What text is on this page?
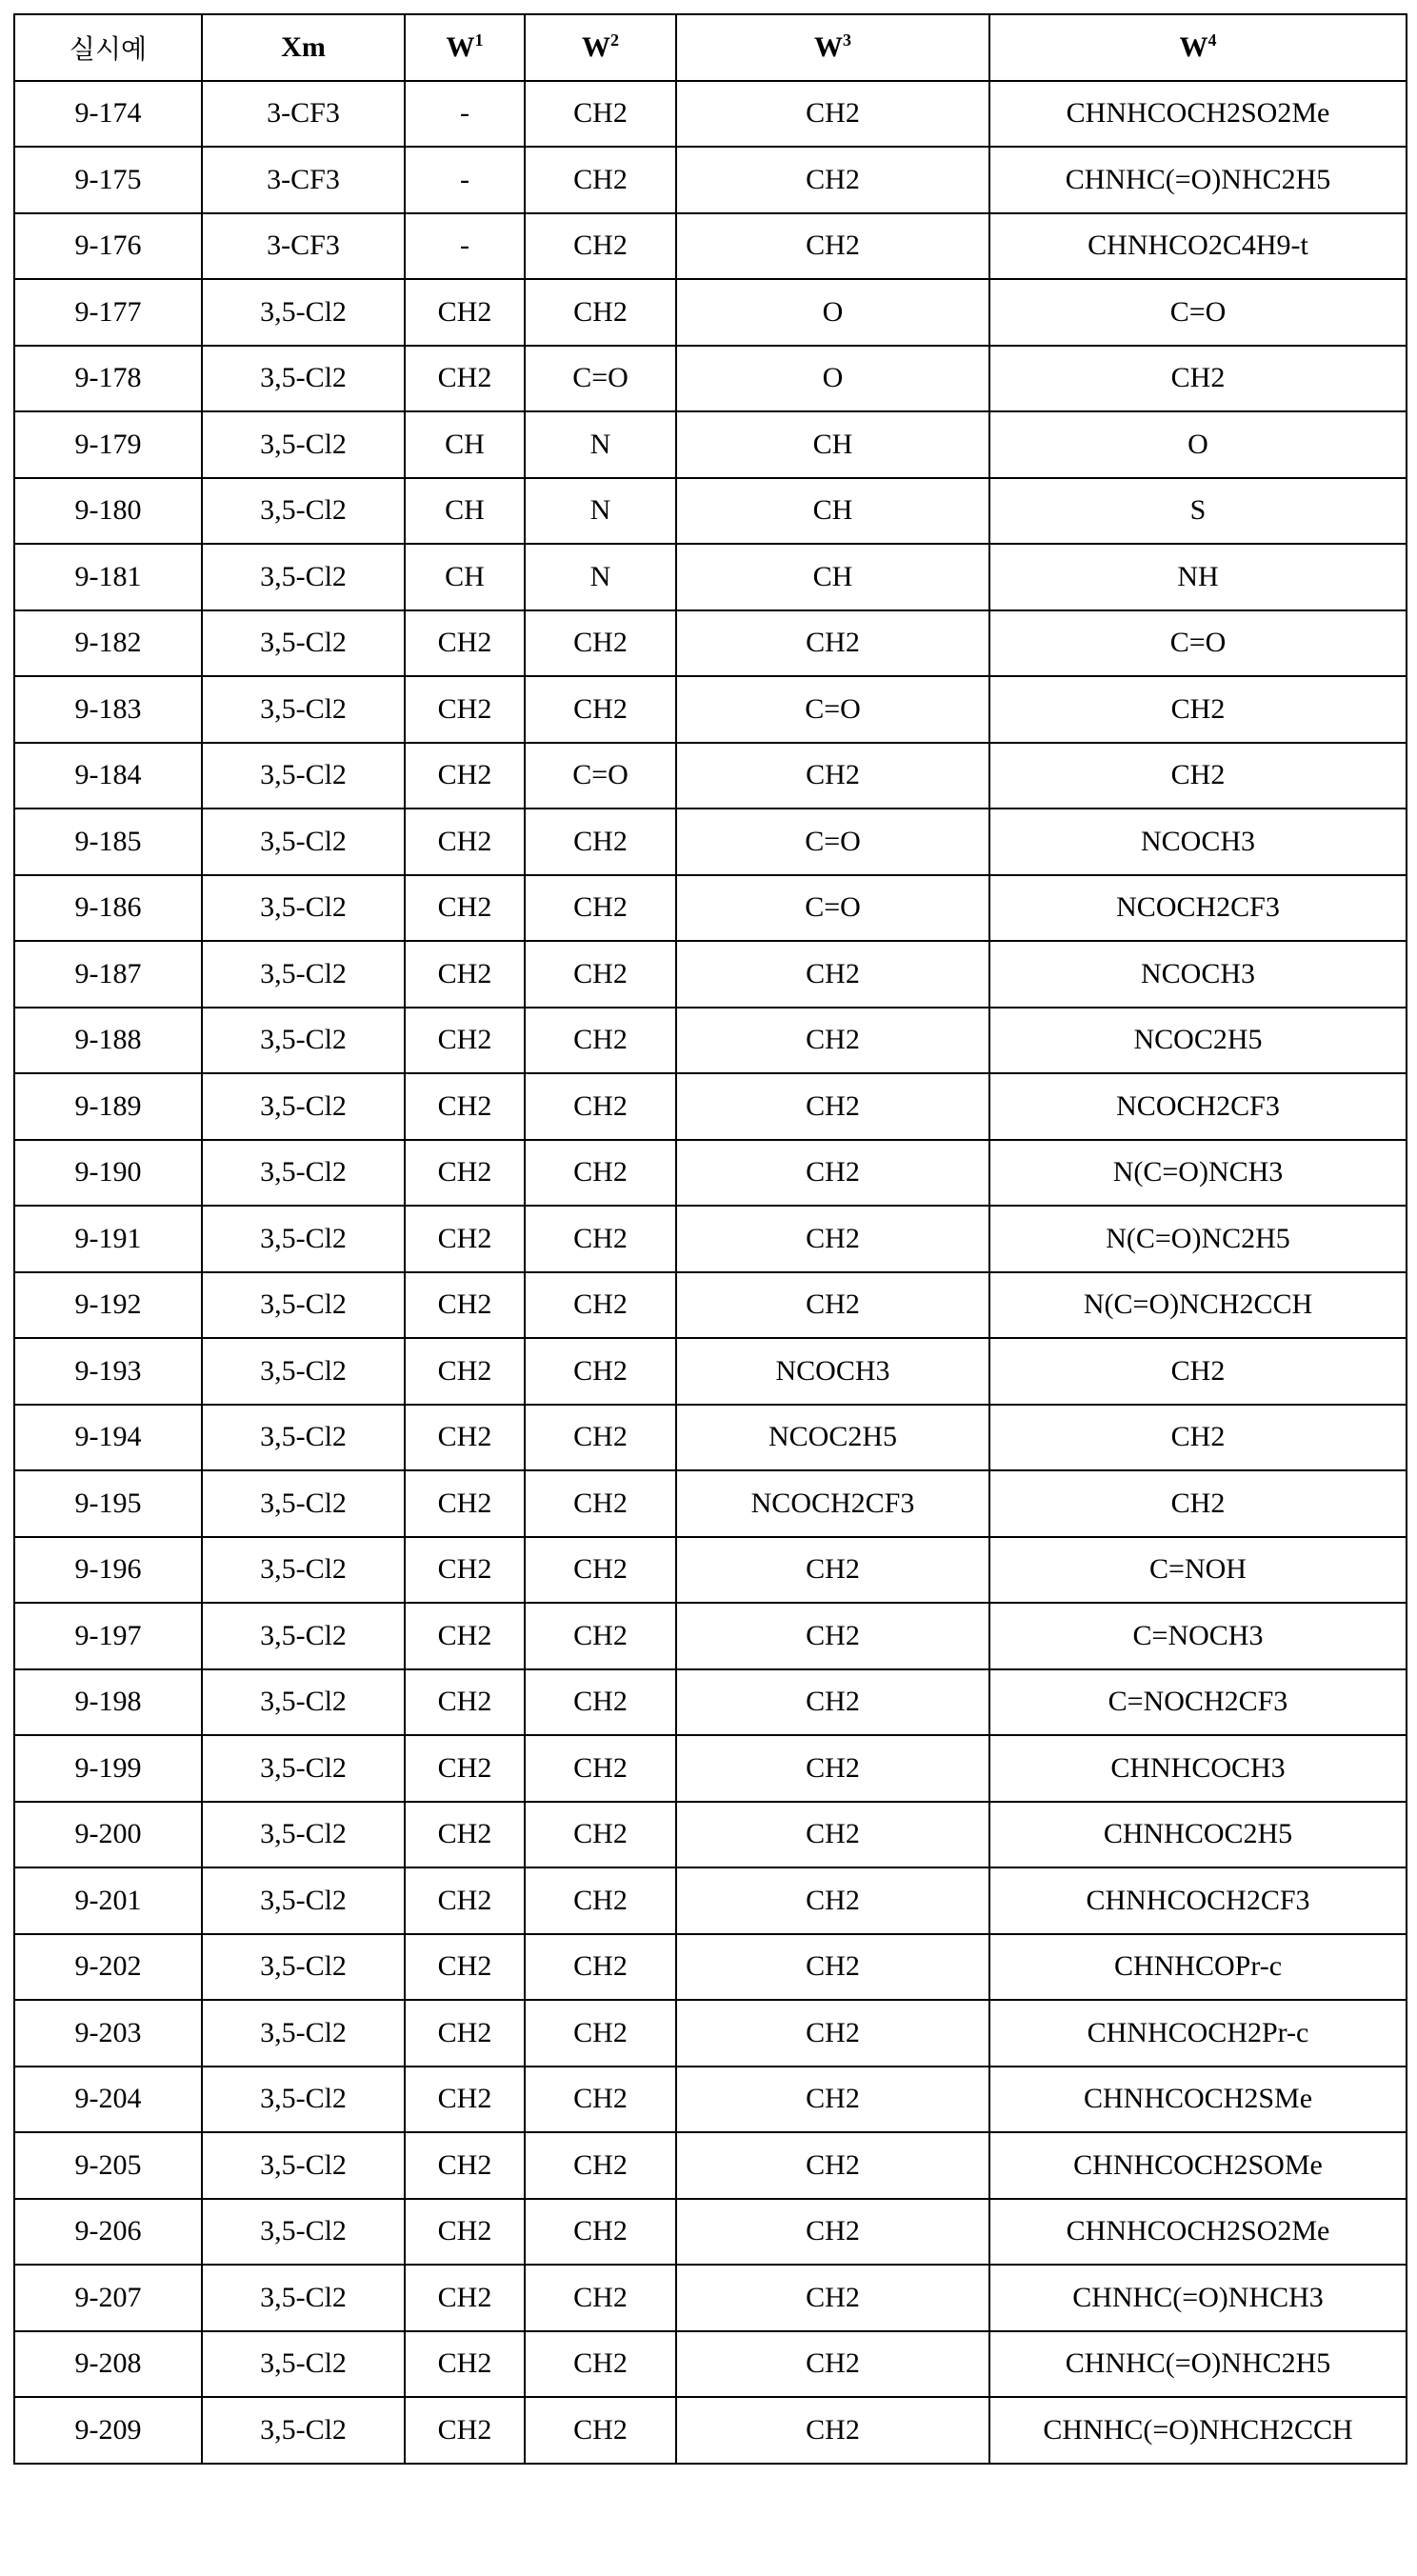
실시예	Xm	W1	W2	W3	W4
9-174	3-CF3	-	CH2	CH2	CHNHCOCH2SO2Me
9-175	3-CF3	-	CH2	CH2	CHNHC(=O)NHC2H5
9-176	3-CF3	-	CH2	CH2	CHNHCO2C4H9-t
9-177	3,5-Cl2	CH2	CH2	O	C=O
9-178	3,5-Cl2	CH2	C=O	O	CH2
9-179	3,5-Cl2	CH	N	CH	O
9-180	3,5-Cl2	CH	N	CH	S
9-181	3,5-Cl2	CH	N	CH	NH
9-182	3,5-Cl2	CH2	CH2	CH2	C=O
9-183	3,5-Cl2	CH2	CH2	C=O	CH2
9-184	3,5-Cl2	CH2	C=O	CH2	CH2
9-185	3,5-Cl2	CH2	CH2	C=O	NCOCH3
9-186	3,5-Cl2	CH2	CH2	C=O	NCOCH2CF3
9-187	3,5-Cl2	CH2	CH2	CH2	NCOCH3
9-188	3,5-Cl2	CH2	CH2	CH2	NCOC2H5
9-189	3,5-Cl2	CH2	CH2	CH2	NCOCH2CF3
9-190	3,5-Cl2	CH2	CH2	CH2	N(C=O)NCH3
9-191	3,5-Cl2	CH2	CH2	CH2	N(C=O)NC2H5
9-192	3,5-Cl2	CH2	CH2	CH2	N(C=O)NCH2CCH
9-193	3,5-Cl2	CH2	CH2	NCOCH3	CH2
9-194	3,5-Cl2	CH2	CH2	NCOC2H5	CH2
9-195	3,5-Cl2	CH2	CH2	NCOCH2CF3	CH2
9-196	3,5-Cl2	CH2	CH2	CH2	C=NOH
9-197	3,5-Cl2	CH2	CH2	CH2	C=NOCH3
9-198	3,5-Cl2	CH2	CH2	CH2	C=NOCH2CF3
9-199	3,5-Cl2	CH2	CH2	CH2	CHNHCOCH3
9-200	3,5-Cl2	CH2	CH2	CH2	CHNHCOC2H5
9-201	3,5-Cl2	CH2	CH2	CH2	CHNHCOCH2CF3
9-202	3,5-Cl2	CH2	CH2	CH2	CHNHCOPr-c
9-203	3,5-Cl2	CH2	CH2	CH2	CHNHCOCH2Pr-c
9-204	3,5-Cl2	CH2	CH2	CH2	CHNHCOCH2SMe
9-205	3,5-Cl2	CH2	CH2	CH2	CHNHCOCH2SOMe
9-206	3,5-Cl2	CH2	CH2	CH2	CHNHCOCH2SO2Me
9-207	3,5-Cl2	CH2	CH2	CH2	CHNHC(=O)NHCH3
9-208	3,5-Cl2	CH2	CH2	CH2	CHNHC(=O)NHC2H5
9-209	3,5-Cl2	CH2	CH2	CH2	CHNHC(=O)NHCH2CCH
